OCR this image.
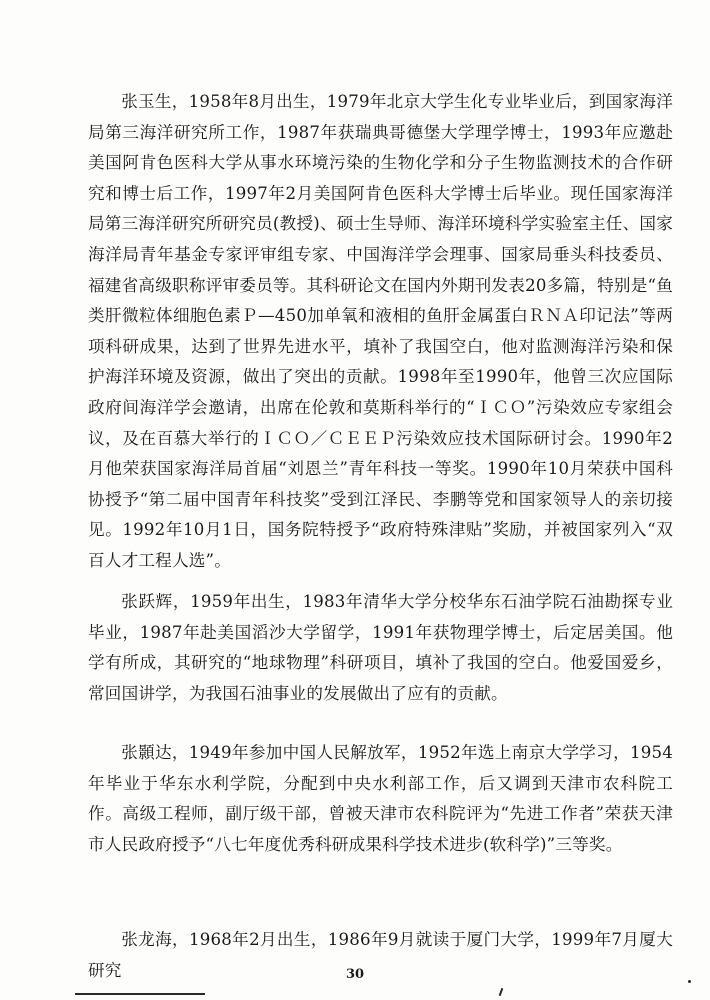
张玉生，1958年8月出生，1979年北京大学生化专业毕业后，到国家海洋局第三海洋研究所工作，1987年获瑞典哥德堡大学理学博士，1993年应邀赴美国阿肯色医科大学从事水环境污染的生物化学和分子生物监测技术的合作研究和博士后工作，1997年2月美国阿肯色医科大学博士后毕业。现任国家海洋局第三海洋研究所研究员(教授)、硕士生导师、海洋环境科学实验室主任、国家海洋局青年基金专家评审组专家、中国海洋学会理事、国家局垂头科技委员、福建省高级职称评审委员等。其科研论文在国内外期刊发表20多篇，特别是“鱼类肝微粒体细胞色素Ｐ—450加单氧和液相的鱼肝金属蛋白ＲＮＡ印记法”等两项科研成果，达到了世界先进水平，填补了我国空白，他对监测海洋污染和保护海洋环境及资源，做出了突出的贡献。1998年至1990年，他曾三次应国际政府间海洋学会邀请，出席在伦敦和莫斯科举行的“ＩＣＯ”污染效应专家组会议，及在百慕大举行的ＩＣＯ／ＣＥＥＰ污染效应技术国际研讨会。1990年2月他荣获国家海洋局首届“刘恩兰”青年科技一等奖。1990年10月荣获中国科协授予“第二届中国青年科技奖”受到江泽民、李鹏等党和国家领导人的亲切接见。1992年10月1日，国务院特授予“政府特殊津贴”奖励，并被国家列入“双百人才工程人选”。

张跃辉，1959年出生，1983年清华大学分校华东石油学院石油勘探专业毕业，1987年赴美国滔沙大学留学，1991年获物理学博士，后定居美国。他学有所成，其研究的“地球物理”科研项目，填补了我国的空白。他爱国爱乡，常回国讲学，为我国石油事业的发展做出了应有的贡献。

张顥达，1949年参加中国人民解放军，1952年选上南京大学学习，1954年毕业于华东水利学院，分配到中央水利部工作，后又调到天津市农科院工作。高级工程师，副厅级干部，曾被天津市农科院评为“先进工作者”荣获天津市人民政府授予“八七年度优秀科研成果科学技术进步(软科学)”三等奖。

张龙海，1968年2月出生，1986年9月就读于厦门大学，1999年7月厦大研究	30
